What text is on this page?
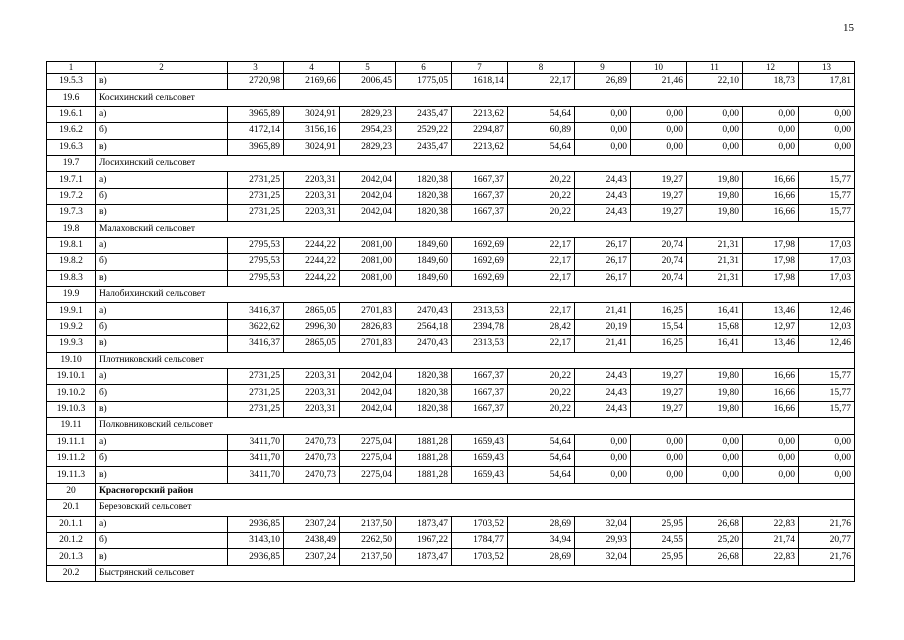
15
1	2	3	4	5	6	7	8	9	10	11	12	13
19.5.3	в)	2720,98	2169,66	2006,45	1775,05	1618,14	22,17	26,89	21,46	22,10	18,73	17,81
19.6	Косихинский сельсовет											
19.6.1	а)	3965,89	3024,91	2829,23	2435,47	2213,62	54,64	0,00	0,00	0,00	0,00	0,00
19.6.2	б)	4172,14	3156,16	2954,23	2529,22	2294,87	60,89	0,00	0,00	0,00	0,00	0,00
19.6.3	в)	3965,89	3024,91	2829,23	2435,47	2213,62	54,64	0,00	0,00	0,00	0,00	0,00
19.7	Лосихинский сельсовет											
19.7.1	а)	2731,25	2203,31	2042,04	1820,38	1667,37	20,22	24,43	19,27	19,80	16,66	15,77
19.7.2	б)	2731,25	2203,31	2042,04	1820,38	1667,37	20,22	24,43	19,27	19,80	16,66	15,77
19.7.3	в)	2731,25	2203,31	2042,04	1820,38	1667,37	20,22	24,43	19,27	19,80	16,66	15,77
19.8	Малаховский сельсовет											
19.8.1	а)	2795,53	2244,22	2081,00	1849,60	1692,69	22,17	26,17	20,74	21,31	17,98	17,03
19.8.2	б)	2795,53	2244,22	2081,00	1849,60	1692,69	22,17	26,17	20,74	21,31	17,98	17,03
19.8.3	в)	2795,53	2244,22	2081,00	1849,60	1692,69	22,17	26,17	20,74	21,31	17,98	17,03
19.9	Налобихинский сельсовет											
19.9.1	а)	3416,37	2865,05	2701,83	2470,43	2313,53	22,17	21,41	16,25	16,41	13,46	12,46
19.9.2	б)	3622,62	2996,30	2826,83	2564,18	2394,78	28,42	20,19	15,54	15,68	12,97	12,03
19.9.3	в)	3416,37	2865,05	2701,83	2470,43	2313,53	22,17	21,41	16,25	16,41	13,46	12,46
19.10	Плотниковский сельсовет											
19.10.1	а)	2731,25	2203,31	2042,04	1820,38	1667,37	20,22	24,43	19,27	19,80	16,66	15,77
19.10.2	б)	2731,25	2203,31	2042,04	1820,38	1667,37	20,22	24,43	19,27	19,80	16,66	15,77
19.10.3	в)	2731,25	2203,31	2042,04	1820,38	1667,37	20,22	24,43	19,27	19,80	16,66	15,77
19.11	Полковниковский сельсовет											
19.11.1	а)	3411,70	2470,73	2275,04	1881,28	1659,43	54,64	0,00	0,00	0,00	0,00	0,00
19.11.2	б)	3411,70	2470,73	2275,04	1881,28	1659,43	54,64	0,00	0,00	0,00	0,00	0,00
19.11.3	в)	3411,70	2470,73	2275,04	1881,28	1659,43	54,64	0,00	0,00	0,00	0,00	0,00
20	Красногорский район											
20.1	Березовский сельсовет											
20.1.1	а)	2936,85	2307,24	2137,50	1873,47	1703,52	28,69	32,04	25,95	26,68	22,83	21,76
20.1.2	б)	3143,10	2438,49	2262,50	1967,22	1784,77	34,94	29,93	24,55	25,20	21,74	20,77
20.1.3	в)	2936,85	2307,24	2137,50	1873,47	1703,52	28,69	32,04	25,95	26,68	22,83	21,76
20.2	Быстрянский сельсовет											
